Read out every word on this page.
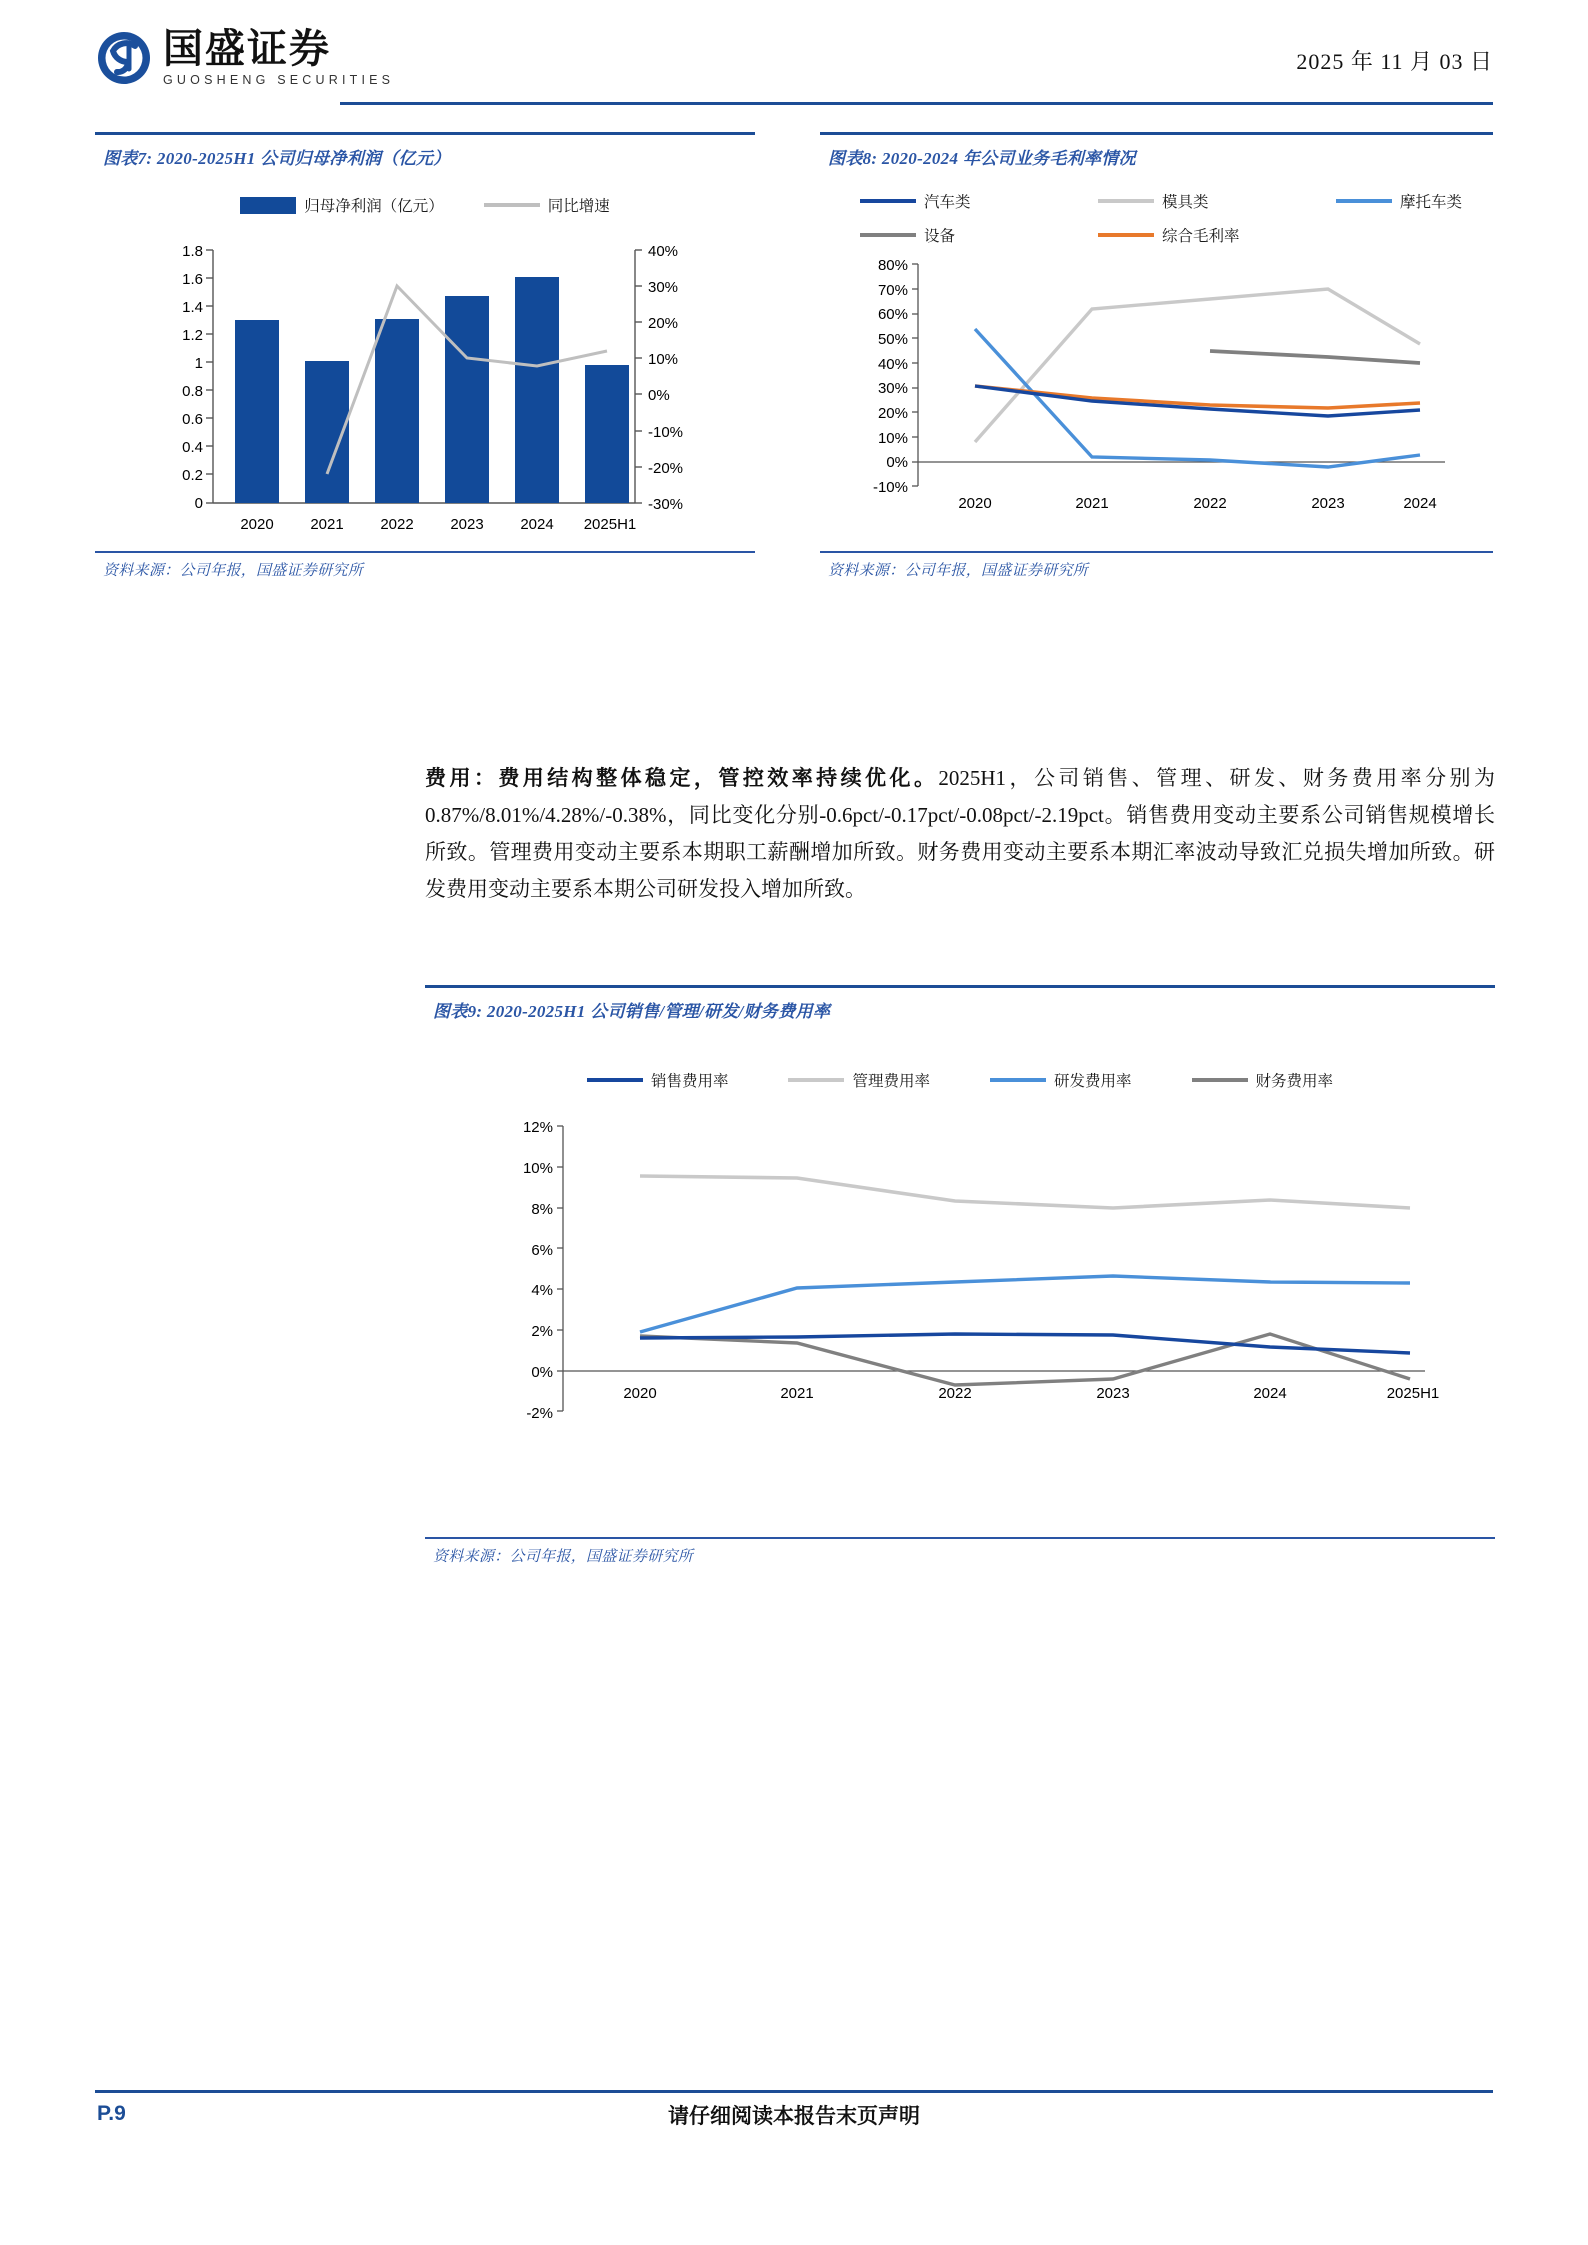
国盛证券
GUOSHENG SECURITIES
2025 年 11 月 03 日
图表7: 2020-2025H1 公司归母净利润（亿元）
归母净利润（亿元）	同比增速
1.8
1.6
1.4
1.2
1
0.8
0.6
0.4
0.2
0
40%
30%
20%
10%
0%
-10%
-20%
-30%
2020 2021 2022 2023 2024 2025H1
资料来源：公司年报，国盛证券研究所
图表8: 2020-2024 年公司业务毛利率情况
汽车类	模具类	摩托车类
设备	综合毛利率
80%
70%
60%
50%
40%
30%
20%
10%
0%
-10%
2020	2021	2022	2023	2024
资料来源：公司年报，国盛证券研究所
费用：费用结构整体稳定，管控效率持续优化。2025H1，公司销售、管理、研发、财务费用率分别为 0.87%/8.01%/4.28%/-0.38%，同比变化分别-0.6pct/-0.17pct/-0.08pct/-2.19pct。销售费用变动主要系公司销售规模增长所致。管理费用变动主要系本期职工薪酬增加所致。财务费用变动主要系本期汇率波动导致汇兑损失增加所致。研发费用变动主要系本期公司研发投入增加所致。
图表9: 2020-2025H1 公司销售/管理/研发/财务费用率
销售费用率	管理费用率	研发费用率	财务费用率
12%
10%
8%
6%
4%
2%
0%
-2%
2020	2021	2022	2023	2024	2025H1
资料来源：公司年报，国盛证券研究所
P.9	请仔细阅读本报告末页声明
